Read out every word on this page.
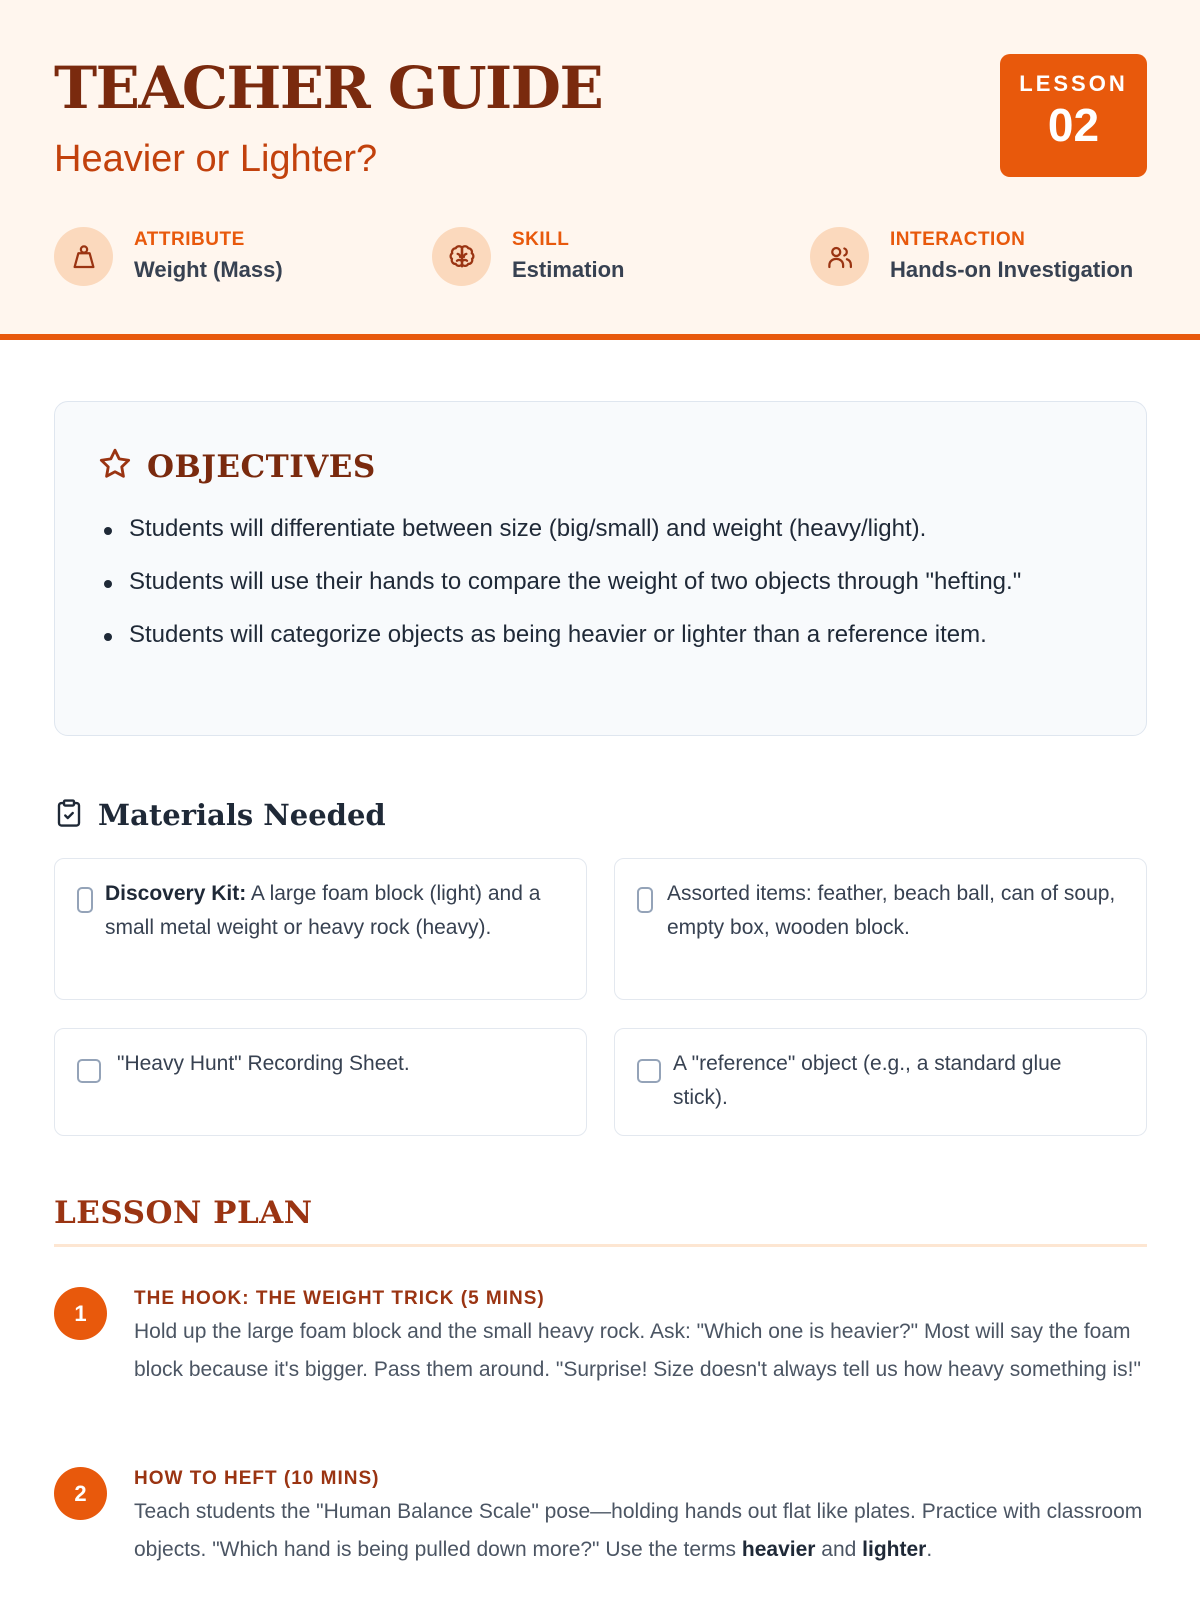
TEACHER GUIDE
Heavier or Lighter?
LESSON
02
ATTRIBUTE
Weight (Mass)
SKILL
Estimation
INTERACTION
Hands-on Investigation
OBJECTIVES
Students will differentiate between size (big/small) and weight (heavy/light).
Students will use their hands to compare the weight of two objects through "hefting."
Students will categorize objects as being heavier or lighter than a reference item.
Materials Needed
Discovery Kit: A large foam block (light) and a small metal weight or heavy rock (heavy).
Assorted items: feather, beach ball, can of soup, empty box, wooden block.
"Heavy Hunt" Recording Sheet.	A "reference" object (e.g., a standard glue stick).
LESSON PLAN
1
THE HOOK: THE WEIGHT TRICK (5 MINS)
Hold up the large foam block and the small heavy rock. Ask: "Which one is heavier?" Most will say the foam block because it's bigger. Pass them around. "Surprise! Size doesn't always tell us how heavy something is!"
2
HOW TO HEFT (10 MINS)
Teach students the "Human Balance Scale" pose—holding hands out flat like plates. Practice with classroom objects. "Which hand is being pulled down more?" Use the terms heavier and lighter.
